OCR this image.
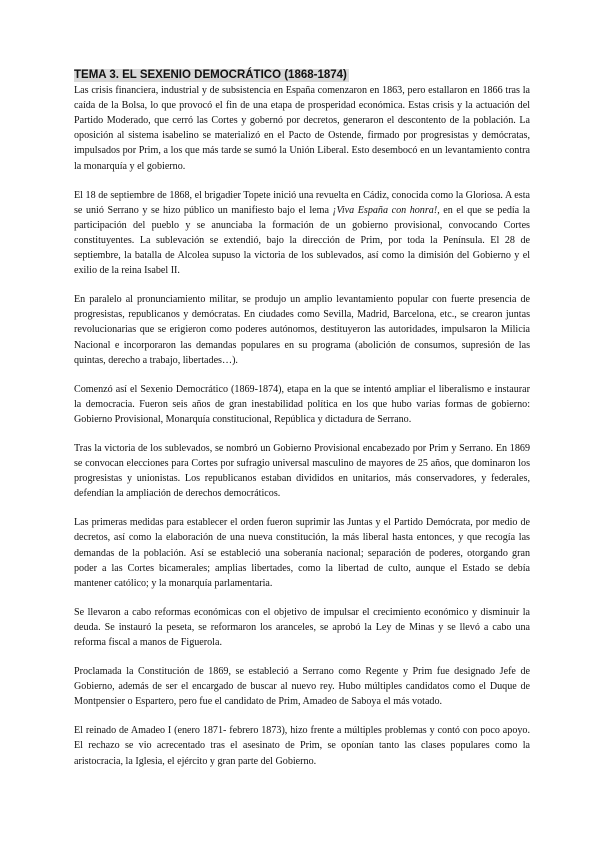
TEMA 3. EL SEXENIO DEMOCRÁTICO (1868-1874)

Las crisis financiera, industrial y de subsistencia en España comenzaron en 1863, pero estallaron en 1866 tras la caída de la Bolsa, lo que provocó el fin de una etapa de prosperidad económica. Estas crisis y la actuación del Partido Moderado, que cerró las Cortes y gobernó por decretos, generaron el descontento de la población. La oposición al sistema isabelino se materializó en el Pacto de Ostende, firmado por progresistas y demócratas, impulsados por Prim, a los que más tarde se sumó la Unión Liberal. Esto desembocó en un levantamiento contra la monarquía y el gobierno.

El 18 de septiembre de 1868, el brigadier Topete inició una revuelta en Cádiz, conocida como la Gloriosa. A esta se unió Serrano y se hizo público un manifiesto bajo el lema ¡Viva España con honra!, en el que se pedía la participación del pueblo y se anunciaba la formación de un gobierno provisional, convocando Cortes constituyentes. La sublevación se extendió, bajo la dirección de Prim, por toda la Península. El 28 de septiembre, la batalla de Alcolea supuso la victoria de los sublevados, así como la dimisión del Gobierno y el exilio de la reina Isabel II.

En paralelo al pronunciamiento militar, se produjo un amplio levantamiento popular con fuerte presencia de progresistas, republicanos y demócratas. En ciudades como Sevilla, Madrid, Barcelona, etc., se crearon juntas revolucionarias que se erigieron como poderes autónomos, destituyeron las autoridades, impulsaron la Milicia Nacional e incorporaron las demandas populares en su programa (abolición de consumos, supresión de las quintas, derecho a trabajo, libertades…).

Comenzó así el Sexenio Democrático (1869-1874), etapa en la que se intentó ampliar el liberalismo e instaurar la democracia. Fueron seis años de gran inestabilidad política en los que hubo varias formas de gobierno: Gobierno Provisional, Monarquía constitucional, República y dictadura de Serrano.

Tras la victoria de los sublevados, se nombró un Gobierno Provisional encabezado por Prim y Serrano. En 1869 se convocan elecciones para Cortes por sufragio universal masculino de mayores de 25 años, que dominaron los progresistas y unionistas. Los republicanos estaban divididos en unitarios, más conservadores, y federales, defendían la ampliación de derechos democráticos.

Las primeras medidas para establecer el orden fueron suprimir las Juntas y el Partido Demócrata, por medio de decretos, así como la elaboración de una nueva constitución, la más liberal hasta entonces, y que recogía las demandas de la población. Así se estableció una soberanía nacional; separación de poderes, otorgando gran poder a las Cortes bicamerales; amplias libertades, como la libertad de culto, aunque el Estado se debía mantener católico; y la monarquía parlamentaria.

Se llevaron a cabo reformas económicas con el objetivo de impulsar el crecimiento económico y disminuir la deuda. Se instauró la peseta, se reformaron los aranceles, se aprobó la Ley de Minas y se llevó a cabo una reforma fiscal a manos de Figuerola.

Proclamada la Constitución de 1869, se estableció a Serrano como Regente y Prim fue designado Jefe de Gobierno, además de ser el encargado de buscar al nuevo rey. Hubo múltiples candidatos como el Duque de Montpensier o Espartero, pero fue el candidato de Prim, Amadeo de Saboya el más votado.

El reinado de Amadeo I (enero 1871- febrero 1873), hizo frente a múltiples problemas y contó con poco apoyo. El rechazo se vio acrecentado tras el asesinato de Prim, se oponían tanto las clases populares como la aristocracia, la Iglesia, el ejército y gran parte del Gobierno.
